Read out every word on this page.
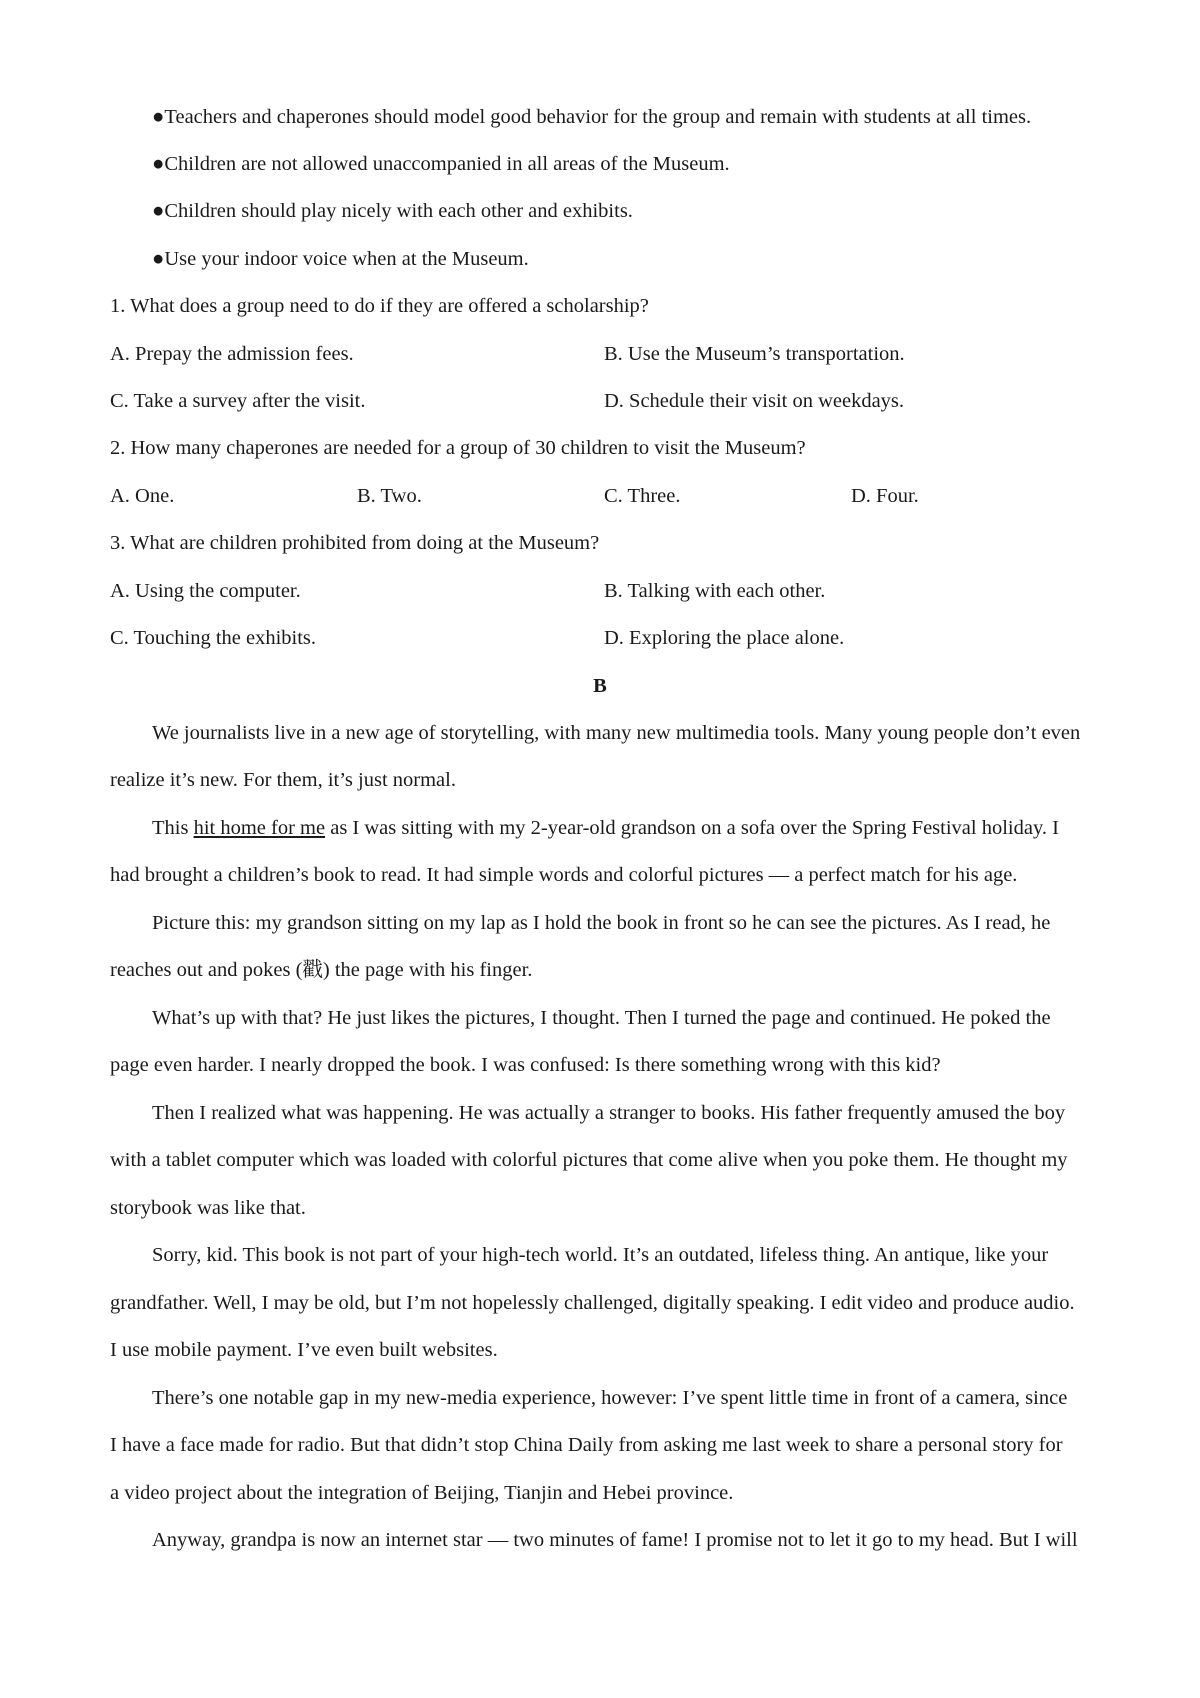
●Teachers and chaperones should model good behavior for the group and remain with students at all times.
●Children are not allowed unaccompanied in all areas of the Museum.
●Children should play nicely with each other and exhibits.
●Use your indoor voice when at the Museum.
1. What does a group need to do if they are offered a scholarship?
A. Prepay the admission fees.	B. Use the Museum’s transportation.
C. Take a survey after the visit.	D. Schedule their visit on weekdays.
2. How many chaperones are needed for a group of 30 children to visit the Museum?
A. One.	B. Two.	C. Three.	D. Four.
3. What are children prohibited from doing at the Museum?
A. Using the computer.	B. Talking with each other.
C. Touching the exhibits.	D. Exploring the place alone.
B
We journalists live in a new age of storytelling, with many new multimedia tools. Many young people don’t even
realize it’s new. For them, it’s just normal.
This hit home for me as I was sitting with my 2-year-old grandson on a sofa over the Spring Festival holiday. I
had brought a children’s book to read. It had simple words and colorful pictures — a perfect match for his age.
Picture this: my grandson sitting on my lap as I hold the book in front so he can see the pictures. As I read, he
reaches out and pokes (戳) the page with his finger.
What’s up with that? He just likes the pictures, I thought. Then I turned the page and continued. He poked the
page even harder. I nearly dropped the book. I was confused: Is there something wrong with this kid?
Then I realized what was happening. He was actually a stranger to books. His father frequently amused the boy
with a tablet computer which was loaded with colorful pictures that come alive when you poke them. He thought my
storybook was like that.
Sorry, kid. This book is not part of your high-tech world. It’s an outdated, lifeless thing. An antique, like your
grandfather. Well, I may be old, but I’m not hopelessly challenged, digitally speaking. I edit video and produce audio.
I use mobile payment. I’ve even built websites.
There’s one notable gap in my new-media experience, however: I’ve spent little time in front of a camera, since
I have a face made for radio. But that didn’t stop China Daily from asking me last week to share a personal story for
a video project about the integration of Beijing, Tianjin and Hebei province.
Anyway, grandpa is now an internet star — two minutes of fame! I promise not to let it go to my head. But I will
